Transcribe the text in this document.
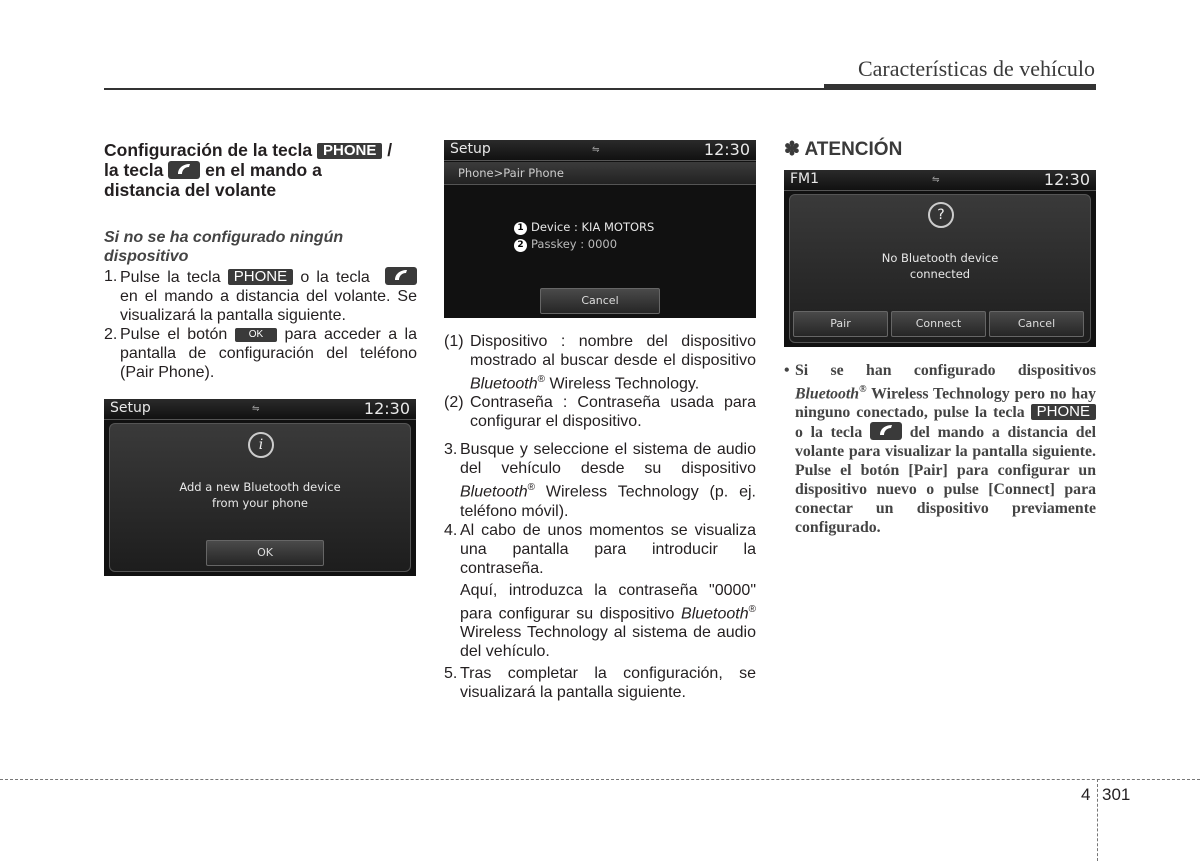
Características de vehículo
Configuración de la tecla PHONE /
la tecla en el mando a
distancia del volante
Si no se ha configurado ningún dispositivo
1. Pulse la tecla PHONE o la tecla
en el mando a distancia del volante. Se visualizará la pantalla siguiente.
2. Pulse el botón OK para acceder a la pantalla de configuración del teléfono (Pair Phone).
Setup	⇋	12:30
i
Add a new Bluetooth device
from your phone
OK
Setup	⇋	12:30
Phone>Pair Phone
1 Device : KIA MOTORS
2 Passkey : 0000
Cancel
(1) Dispositivo : nombre del dispositivo mostrado al buscar desde el dispositivo Bluetooth® Wireless Technology.
(2) Contraseña : Contraseña usada para configurar el dispositivo.
3. Busque y seleccione el sistema de audio del vehículo desde su dispositivo Bluetooth® Wireless Technology (p. ej. teléfono móvil).
4. Al cabo de unos momentos se visualiza una pantalla para introducir la contraseña.
Aquí, introduzca la contraseña "0000" para configurar su dispositivo Bluetooth® Wireless Technology al sistema de audio del vehículo.
5. Tras completar la configuración, se visualizará la pantalla siguiente.
✽ ATENCIÓN
FM1	⇋	12:30
?
No Bluetooth device
connected
Pair	Connect	Cancel
• Si se han configurado dispositivos Bluetooth® Wireless Technology pero no hay ninguno conectado, pulse la tecla PHONE o la tecla	del mando a distancia del volante para visualizar la pantalla siguiente. Pulse el botón [Pair] para configurar un dispositivo nuevo o pulse [Connect] para conectar un dispositivo previamente configurado.
4 301
